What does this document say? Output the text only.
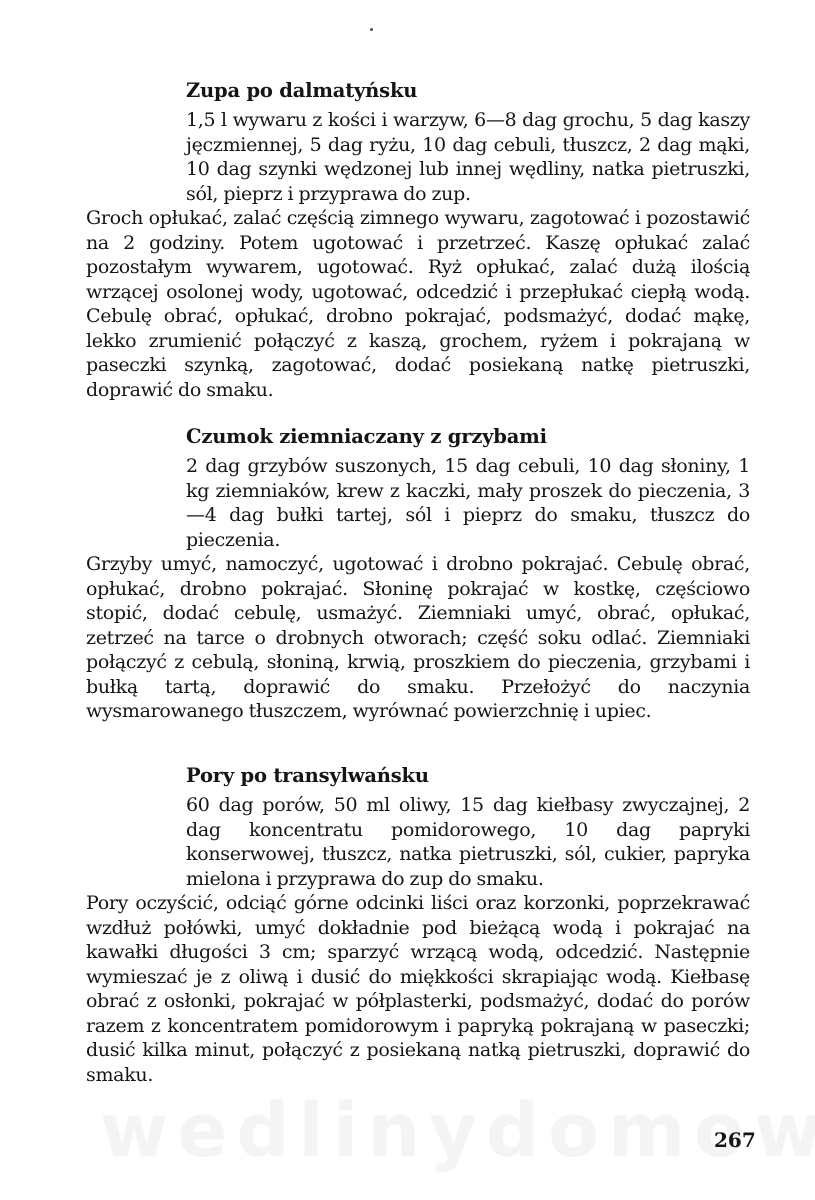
Zupa po dalmatyńsku

1,5 l wywaru z kości i warzyw, 6—8 dag grochu, 5 dag kaszy jęczmiennej, 5 dag ryżu, 10 dag cebuli, tłuszcz, 2 dag mąki, 10 dag szynki wędzonej lub innej wędliny, natka pietruszki, sól, pieprz i przyprawa do zup.

Groch opłukać, zalać częścią zimnego wywaru, zagotować i pozostawić na 2 godziny. Potem ugotować i przetrzeć. Kaszę opłukać zalać pozostałym wywarem, ugotować. Ryż opłukać, zalać dużą ilością wrzącej osolonej wody, ugotować, odcedzić i przepłukać ciepłą wodą. Cebulę obrać, opłukać, drobno pokrajać, podsmażyć, dodać mąkę, lekko zrumienić połączyć z kaszą, grochem, ryżem i pokrajaną w paseczki szynką, zagotować, dodać posiekaną natkę pietruszki, doprawić do smaku.

Czumok ziemniaczany z grzybami

2 dag grzybów suszonych, 15 dag cebuli, 10 dag słoniny, 1 kg ziemniaków, krew z kaczki, mały proszek do pieczenia, 3—4 dag bułki tartej, sól i pieprz do smaku, tłuszcz do pieczenia.

Grzyby umyć, namoczyć, ugotować i drobno pokrajać. Cebulę obrać, opłukać, drobno pokrajać. Słoninę pokrajać w kostkę, częściowo stopić, dodać cebulę, usmażyć. Ziemniaki umyć, obrać, opłukać, zetrzeć na tarce o drobnych otworach; część soku odlać. Ziemniaki połączyć z cebulą, słoniną, krwią, proszkiem do pieczenia, grzybami i bułką tartą, doprawić do smaku. Przełożyć do naczynia wysmarowanego tłuszczem, wyrównać powierzchnię i upiec.

Pory po transylwańsku

60 dag porów, 50 ml oliwy, 15 dag kiełbasy zwyczajnej, 2 dag koncentratu pomidorowego, 10 dag papryki konserwowej, tłuszcz, natka pietruszki, sól, cukier, papryka mielona i przyprawa do zup do smaku.

Pory oczyścić, odciąć górne odcinki liści oraz korzonki, poprzekrawać wzdłuż połówki, umyć dokładnie pod bieżącą wodą i pokrajać na kawałki długości 3 cm; sparzyć wrzącą wodą, odcedzić. Następnie wymieszać je z oliwą i dusić do miękkości skrapiając wodą. Kiełbasę obrać z osłonki, pokrajać w półplasterki, podsmażyć, dodać do porów razem z koncentratem pomidorowym i papryką pokrajaną w paseczki; dusić kilka minut, połączyć z posiekaną natką pietruszki, doprawić do smaku.

267
